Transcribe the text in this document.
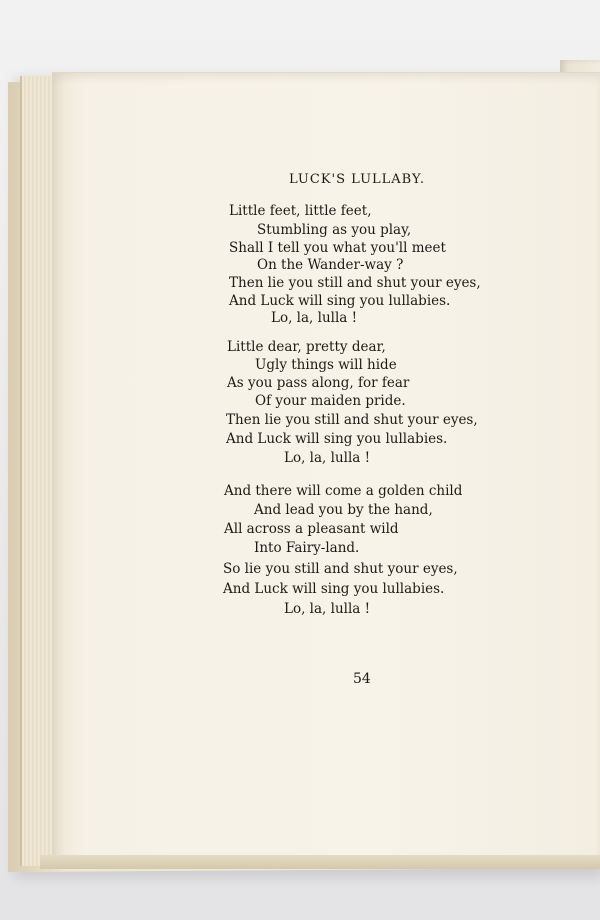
LUCK'S LULLABY.
Little feet, little feet,
Stumbling as you play,
Shall I tell you what you'll meet
On the Wander-way ?
Then lie you still and shut your eyes,
And Luck will sing you lullabies.
Lo, la, lulla !
Little dear, pretty dear,
Ugly things will hide
As you pass along, for fear
Of your maiden pride.
Then lie you still and shut your eyes,
And Luck will sing you lullabies.
Lo, la, lulla !
And there will come a golden child
And lead you by the hand,
All across a pleasant wild
Into Fairy-land.
So lie you still and shut your eyes,
And Luck will sing you lullabies.
Lo, la, lulla !
54
